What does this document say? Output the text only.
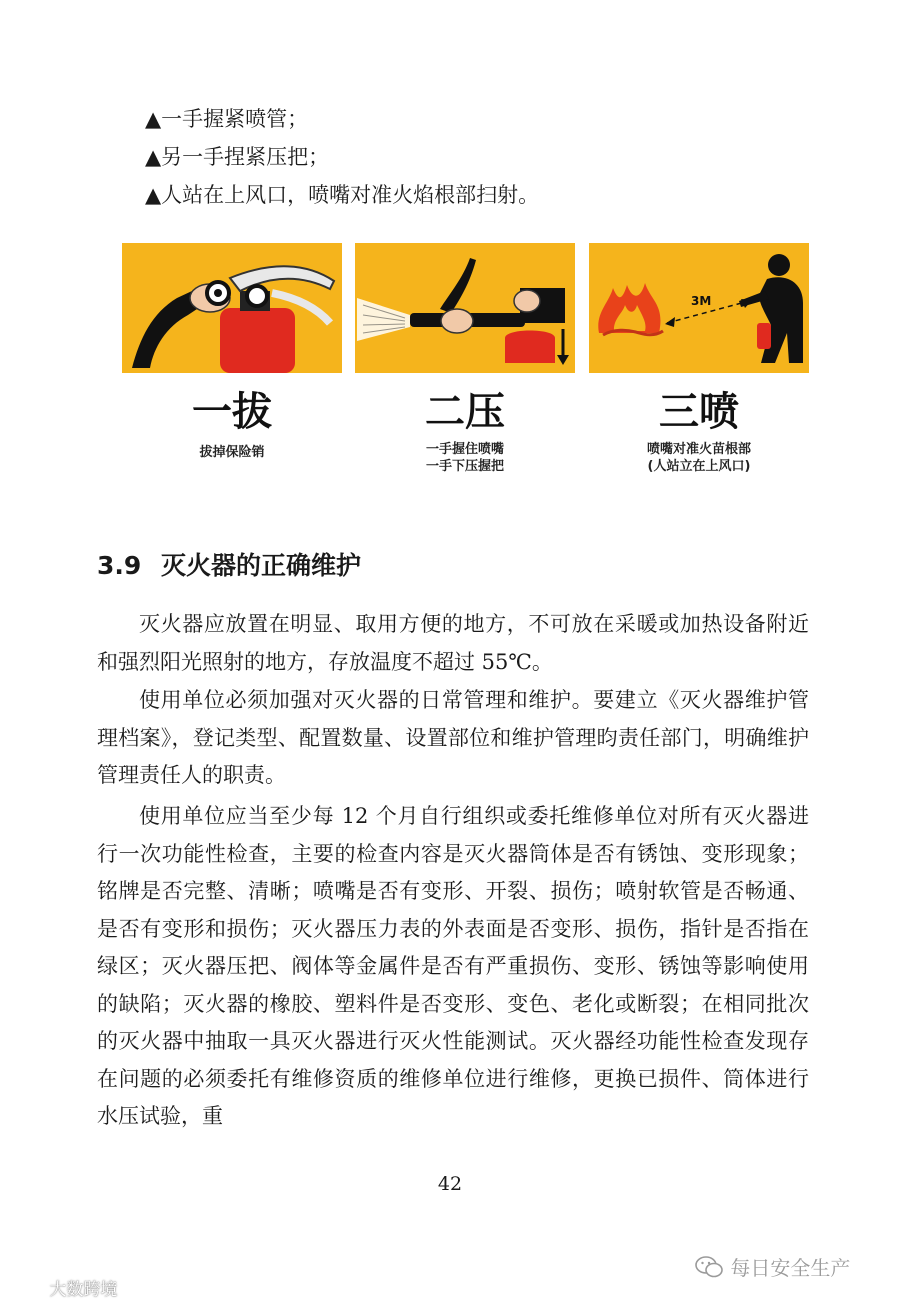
▲一手握紧喷管；
▲另一手捏紧压把；
▲人站在上风口，喷嘴对准火焰根部扫射。
3M
一拔	二压	三喷
拔掉保险销	一手握住喷嘴
一手下压握把
喷嘴对准火苗根部
(人站立在上风口)
3.9 灭火器的正确维护

灭火器应放置在明显、取用方便的地方，不可放在采暖或加热设备附近和强烈阳光照射的地方，存放温度不超过 55℃。

使用单位必须加强对灭火器的日常管理和维护。要建立《灭火器维护管理档案》，登记类型、配置数量、设置部位和维护管理昀责任部门，明确维护管理责任人的职责。

使用单位应当至少每 12 个月自行组织或委托维修单位对所有灭火器进行一次功能性检查，主要的检查内容是灭火器筒体是否有锈蚀、变形现象；铭牌是否完整、清晰；喷嘴是否有变形、开裂、损伤；喷射软管是否畅通、是否有变形和损伤；灭火器压力表的外表面是否变形、损伤，指针是否指在绿区；灭火器压把、阀体等金属件是否有严重损伤、变形、锈蚀等影响使用的缺陷；灭火器的橡胶、塑料件是否变形、变色、老化或断裂；在相同批次的灭火器中抽取一具灭火器进行灭火性能测试。灭火器经功能性检查发现存在问题的必须委托有维修资质的维修单位进行维修，更换已损件、筒体进行水压试验，重

42
大数跨境
每日安全生产
